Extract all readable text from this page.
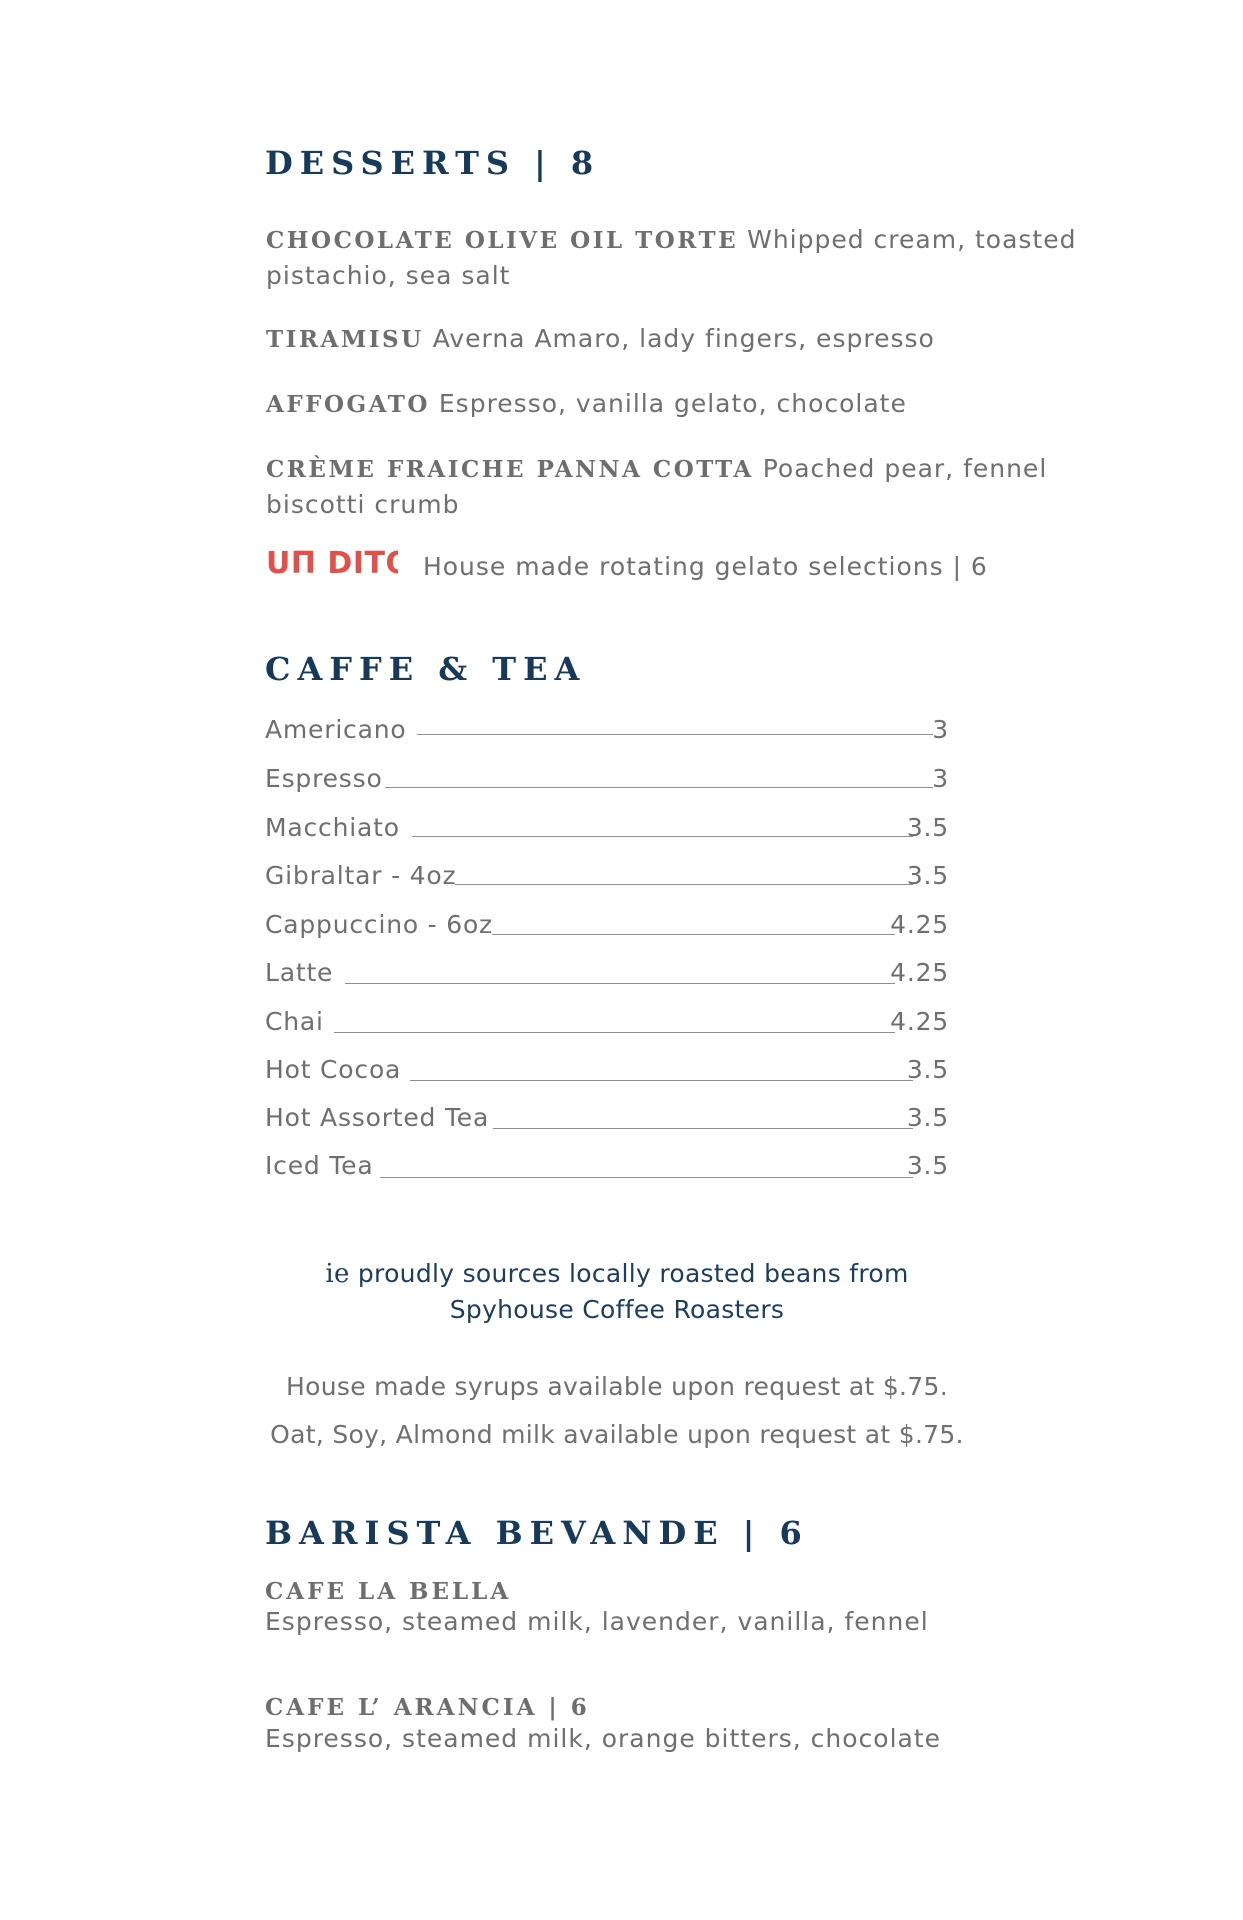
DESSERTS | 8

CHOCOLATE OLIVE OIL TORTE Whipped cream, toasted pistachio, sea salt

TIRAMISU Averna Amaro, lady fingers, espresso

AFFOGATO Espresso, vanilla gelato, chocolate

CRÈME FRAICHE PANNA COTTA Poached pear, fennel biscotti crumb

UΠ DITO House made rotating gelato selections | 6
CAFFE & TEA
Americano	3
Espresso	3
Macchiato	3.5
Gibraltar - 4oz	3.5
Cappuccino - 6oz	4.25
Latte	4.25
Chai	4.25
Hot Cocoa	3.5
Hot Assorted Tea	3.5
Iced Tea	3.5
ie proudly sources locally roasted beans from
Spyhouse Coffee Roasters
House made syrups available upon request at $.75.
Oat, Soy, Almond milk available upon request at $.75.
BARISTA BEVANDE | 6

CAFE LA BELLA

Espresso, steamed milk, lavender, vanilla, fennel

CAFE L’ ARANCIA | 6

Espresso, steamed milk, orange bitters, chocolate
